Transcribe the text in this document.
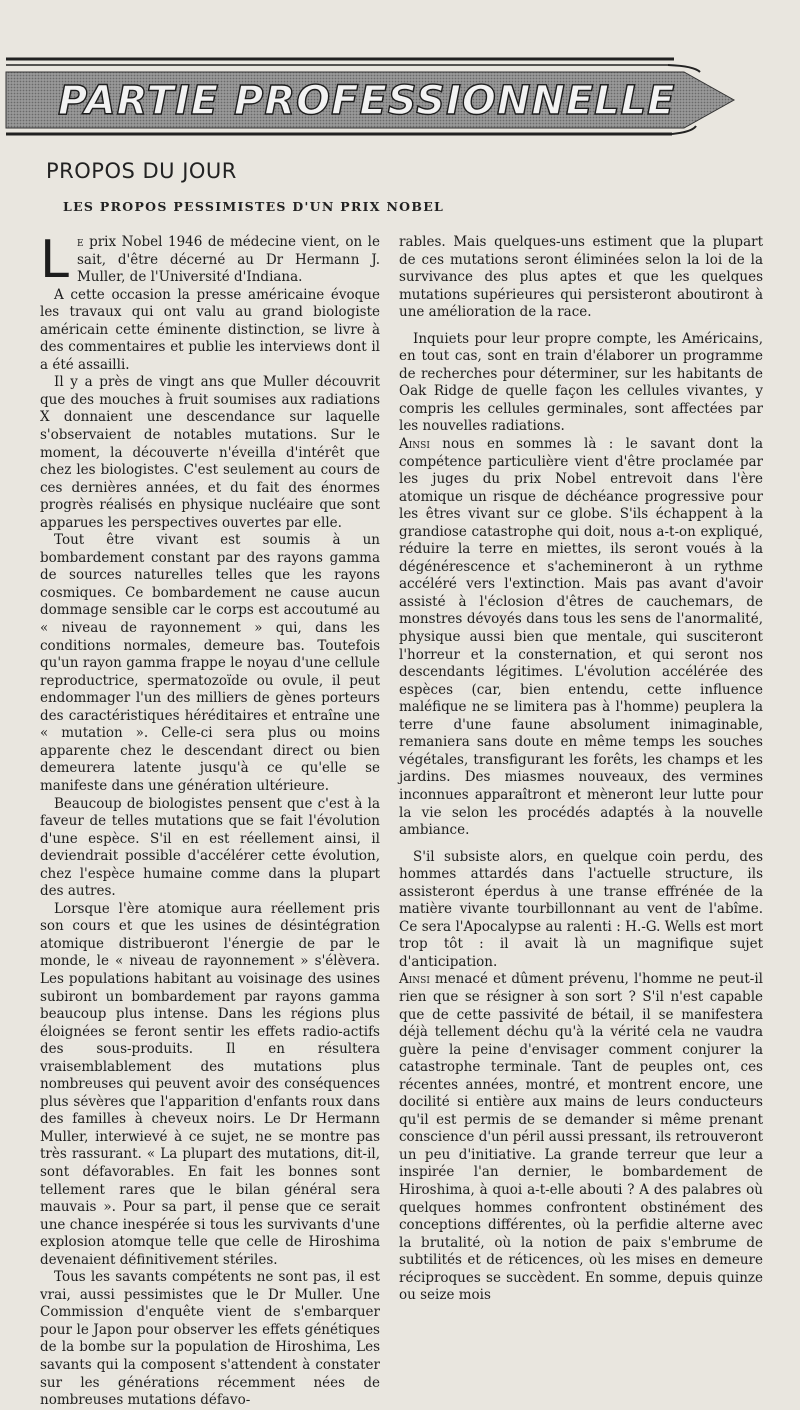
PARTIE PROFESSIONNELLE
PROPOS DU JOUR
LES PROPOS PESSIMISTES D'UN PRIX NOBEL

Le prix Nobel 1946 de médecine vient, on le sait, d'être décerné au Dr Hermann J. Muller, de l'Université d'Indiana.

A cette occasion la presse américaine évoque les travaux qui ont valu au grand biologiste américain cette éminente distinction, se livre à des commentaires et publie les interviews dont il a été assailli.

Il y a près de vingt ans que Muller découvrit que des mouches à fruit soumises aux radiations X donnaient une descendance sur laquelle s'observaient de notables mutations. Sur le moment, la découverte n'éveilla d'intérêt que chez les biologistes. C'est seulement au cours de ces dernières années, et du fait des énormes progrès réalisés en physique nucléaire que sont apparues les perspectives ouvertes par elle.

Tout être vivant est soumis à un bombardement constant par des rayons gamma de sources naturelles telles que les rayons cosmiques. Ce bombardement ne cause aucun dommage sensible car le corps est accoutumé au « niveau de rayonnement » qui, dans les conditions normales, demeure bas. Toutefois qu'un rayon gamma frappe le noyau d'une cellule reproductrice, spermatozoïde ou ovule, il peut endommager l'un des milliers de gènes porteurs des caractéristiques héréditaires et entraîne une « mutation ». Celle-ci sera plus ou moins apparente chez le descendant direct ou bien demeurera latente jusqu'à ce qu'elle se manifeste dans une génération ultérieure.

Beaucoup de biologistes pensent que c'est à la faveur de telles mutations que se fait l'évolution d'une espèce. S'il en est réellement ainsi, il deviendrait possible d'accélérer cette évolution, chez l'espèce humaine comme dans la plupart des autres.

Lorsque l'ère atomique aura réellement pris son cours et que les usines de désintégration atomique distribueront l'énergie de par le monde, le « niveau de rayonnement » s'élèvera. Les populations habitant au voisinage des usines subiront un bombardement par rayons gamma beaucoup plus intense. Dans les régions plus éloignées se feront sentir les effets radio-actifs des sous-produits. Il en résultera vraisemblablement des mutations plus nombreuses qui peuvent avoir des conséquences plus sévères que l'apparition d'enfants roux dans des familles à cheveux noirs. Le Dr Hermann Muller, interwievé à ce sujet, ne se montre pas très rassurant. « La plupart des mutations, dit-il, sont défavorables. En fait les bonnes sont tellement rares que le bilan général sera mauvais ». Pour sa part, il pense que ce serait une chance inespérée si tous les survivants d'une explosion atomque telle que celle de Hiroshima devenaient définitivement stériles.

Tous les savants compétents ne sont pas, il est vrai, aussi pessimistes que le Dr Muller. Une Commission d'enquête vient de s'embarquer pour le Japon pour observer les effets génétiques de la bombe sur la population de Hiroshima, Les savants qui la composent s'attendent à constater sur les générations récemment nées de nombreuses mutations défavo-

rables. Mais quelques-uns estiment que la plupart de ces mutations seront éliminées selon la loi de la survivance des plus aptes et que les quelques mutations supérieures qui persisteront aboutiront à une amélioration de la race.

Inquiets pour leur propre compte, les Américains, en tout cas, sont en train d'élaborer un programme de recherches pour déterminer, sur les habitants de Oak Ridge de quelle façon les cellules vivantes, y compris les cellules germinales, sont affectées par les nouvelles radiations.

Ainsi nous en sommes là : le savant dont la compétence particulière vient d'être proclamée par les juges du prix Nobel entrevoit dans l'ère atomique un risque de déchéance progressive pour les êtres vivant sur ce globe. S'ils échappent à la grandiose catastrophe qui doit, nous a-t-on expliqué, réduire la terre en miettes, ils seront voués à la dégénérescence et s'achemineront à un rythme accéléré vers l'extinction. Mais pas avant d'avoir assisté à l'éclosion d'êtres de cauchemars, de monstres dévoyés dans tous les sens de l'anormalité, physique aussi bien que mentale, qui susciteront l'horreur et la consternation, et qui seront nos descendants légitimes. L'évolution accélérée des espèces (car, bien entendu, cette influence maléfique ne se limitera pas à l'homme) peuplera la terre d'une faune absolument inimaginable, remaniera sans doute en même temps les souches végétales, transfigurant les forêts, les champs et les jardins. Des miasmes nouveaux, des vermines inconnues apparaîtront et mèneront leur lutte pour la vie selon les procédés adaptés à la nouvelle ambiance.

S'il subsiste alors, en quelque coin perdu, des hommes attardés dans l'actuelle structure, ils assisteront éperdus à une transe effrénée de la matière vivante tourbillonnant au vent de l'abîme. Ce sera l'Apocalypse au ralenti : H.-G. Wells est mort trop tôt : il avait là un magnifique sujet d'anticipation.

Ainsi menacé et dûment prévenu, l'homme ne peut-il rien que se résigner à son sort ? S'il n'est capable que de cette passivité de bétail, il se manifestera déjà tellement déchu qu'à la vérité cela ne vaudra guère la peine d'envisager comment conjurer la catastrophe terminale. Tant de peuples ont, ces récentes années, montré, et montrent encore, une docilité si entière aux mains de leurs conducteurs qu'il est permis de se demander si même prenant conscience d'un péril aussi pressant, ils retrouveront un peu d'initiative. La grande terreur que leur a inspirée l'an dernier, le bombardement de Hiroshima, à quoi a-t-elle abouti ? A des palabres où quelques hommes confrontent obstinément des conceptions différentes, où la perfidie alterne avec la brutalité, où la notion de paix s'embrume de subtilités et de réticences, où les mises en demeure réciproques se succèdent. En somme, depuis quinze ou seize mois
